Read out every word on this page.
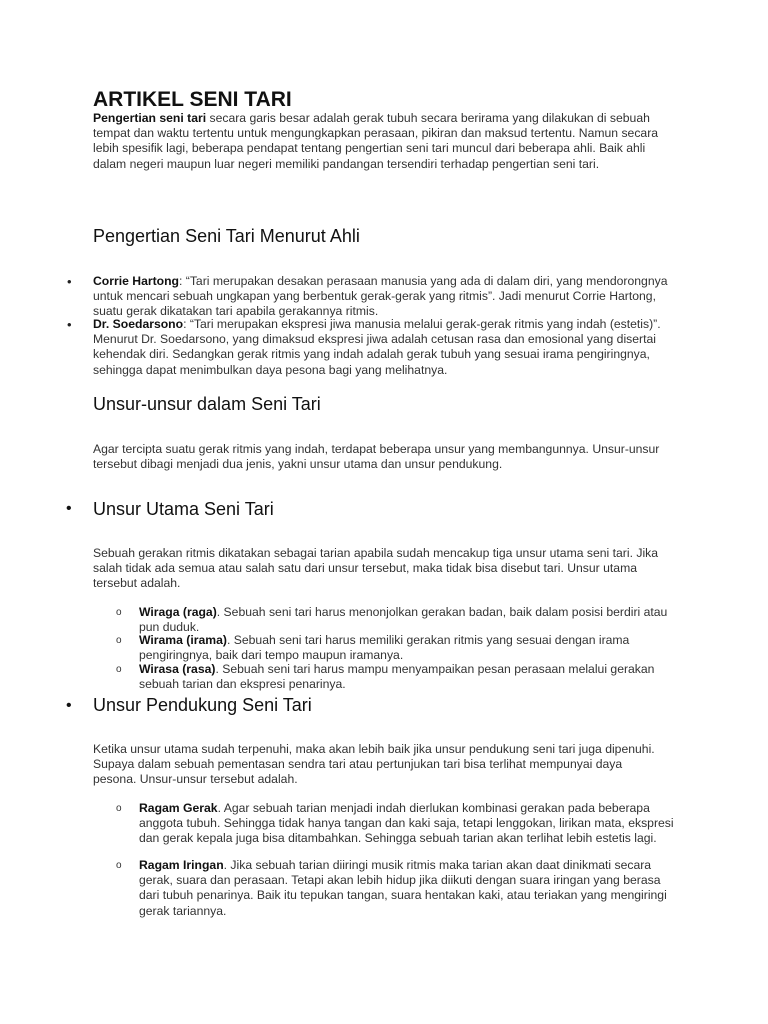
ARTIKEL SENI TARI

Pengertian seni tari secara garis besar adalah gerak tubuh secara berirama yang dilakukan di sebuah tempat dan waktu tertentu untuk mengungkapkan perasaan, pikiran dan maksud tertentu. Namun secara lebih spesifik lagi, beberapa pendapat tentang pengertian seni tari muncul dari beberapa ahli. Baik ahli dalam negeri maupun luar negeri memiliki pandangan tersendiri terhadap pengertian seni tari.

Pengertian Seni Tari Menurut Ahli
• Corrie Hartong: “Tari merupakan desakan perasaan manusia yang ada di dalam diri, yang mendorongnya untuk mencari sebuah ungkapan yang berbentuk gerak-gerak yang ritmis”. Jadi menurut Corrie Hartong, suatu gerak dikatakan tari apabila gerakannya ritmis.

• Dr. Soedarsono: “Tari merupakan ekspresi jiwa manusia melalui gerak-gerak ritmis yang indah (estetis)”. Menurut Dr. Soedarsono, yang dimaksud ekspresi jiwa adalah cetusan rasa dan emosional yang disertai kehendak diri. Sedangkan gerak ritmis yang indah adalah gerak tubuh yang sesuai irama pengiringnya, sehingga dapat menimbulkan daya pesona bagi yang melihatnya.

Unsur-unsur dalam Seni Tari

Agar tercipta suatu gerak ritmis yang indah, terdapat beberapa unsur yang membangunnya. Unsur-unsur tersebut dibagi menjadi dua jenis, yakni unsur utama dan unsur pendukung.

• Unsur Utama Seni Tari

Sebuah gerakan ritmis dikatakan sebagai tarian apabila sudah mencakup tiga unsur utama seni tari. Jika salah tidak ada semua atau salah satu dari unsur tersebut, maka tidak bisa disebut tari. Unsur utama tersebut adalah.

o Wiraga (raga). Sebuah seni tari harus menonjolkan gerakan badan, baik dalam posisi berdiri atau pun duduk.

o Wirama (irama). Sebuah seni tari harus memiliki gerakan ritmis yang sesuai dengan irama pengiringnya, baik dari tempo maupun iramanya.

o Wirasa (rasa). Sebuah seni tari harus mampu menyampaikan pesan perasaan melalui gerakan sebuah tarian dan ekspresi penarinya.

• Unsur Pendukung Seni Tari

Ketika unsur utama sudah terpenuhi, maka akan lebih baik jika unsur pendukung seni tari juga dipenuhi. Supaya dalam sebuah pementasan sendra tari atau pertunjukan tari bisa terlihat mempunyai daya pesona. Unsur-unsur tersebut adalah.

o Ragam Gerak. Agar sebuah tarian menjadi indah dierlukan kombinasi gerakan pada beberapa anggota tubuh. Sehingga tidak hanya tangan dan kaki saja, tetapi lenggokan, lirikan mata, ekspresi dan gerak kepala juga bisa ditambahkan. Sehingga sebuah tarian akan terlihat lebih estetis lagi.

o Ragam Iringan. Jika sebuah tarian diiringi musik ritmis maka tarian akan daat dinikmati secara gerak, suara dan perasaan. Tetapi akan lebih hidup jika diikuti dengan suara iringan yang berasa dari tubuh penarinya. Baik itu tepukan tangan, suara hentakan kaki, atau teriakan yang mengiringi gerak tariannya.
